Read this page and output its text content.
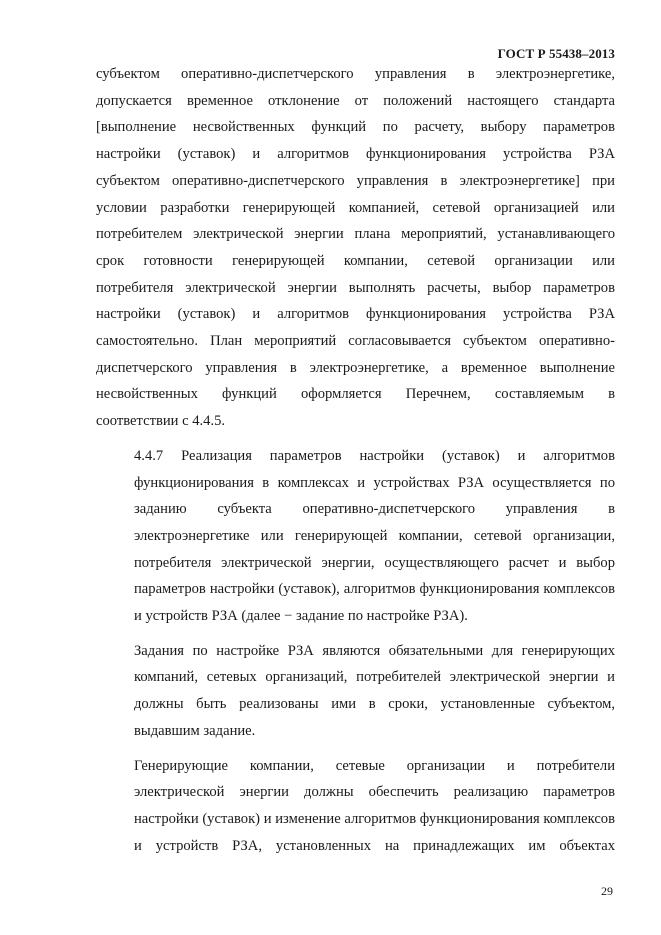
ГОСТ Р 55438–2013

субъектом оперативно-диспетчерского управления в электроэнергетике,
допускается временное отклонение от положений настоящего стандарта
[выполнение несвойственных функций по расчету, выбору параметров
настройки (уставок) и алгоритмов функционирования устройства РЗА
субъектом оперативно-диспетчерского управления в электроэнергетике] при
условии разработки генерирующей компанией, сетевой организацией или
потребителем электрической энергии плана мероприятий, устанавливающего
срок готовности генерирующей компании, сетевой организации или
потребителя электрической энергии выполнять расчеты, выбор параметров
настройки (уставок) и алгоритмов функционирования устройства РЗА
самостоятельно. План мероприятий согласовывается субъектом оперативно-
диспетчерского управления в электроэнергетике, а временное выполнение
несвойственных функций оформляется Перечнем, составляемым в
соответствии с 4.4.5.

4.4.7 Реализация параметров настройки (уставок) и алгоритмов
функционирования в комплексах и устройствах РЗА осуществляется по
заданию субъекта оперативно-диспетчерского управления в
электроэнергетике или генерирующей компании, сетевой организации,
потребителя электрической энергии, осуществляющего расчет и выбор
параметров настройки (уставок), алгоритмов функционирования комплексов
и устройств РЗА (далее − задание по настройке РЗА).

Задания по настройке РЗА являются обязательными для генерирующих
компаний, сетевых организаций, потребителей электрической энергии и
должны быть реализованы ими в сроки, установленные субъектом,
выдавшим задание.

Генерирующие компании, сетевые организации и потребители
электрической энергии должны обеспечить реализацию параметров
настройки (уставок) и изменение алгоритмов функционирования комплексов
и устройств РЗА, установленных на принадлежащих им объектах

29
